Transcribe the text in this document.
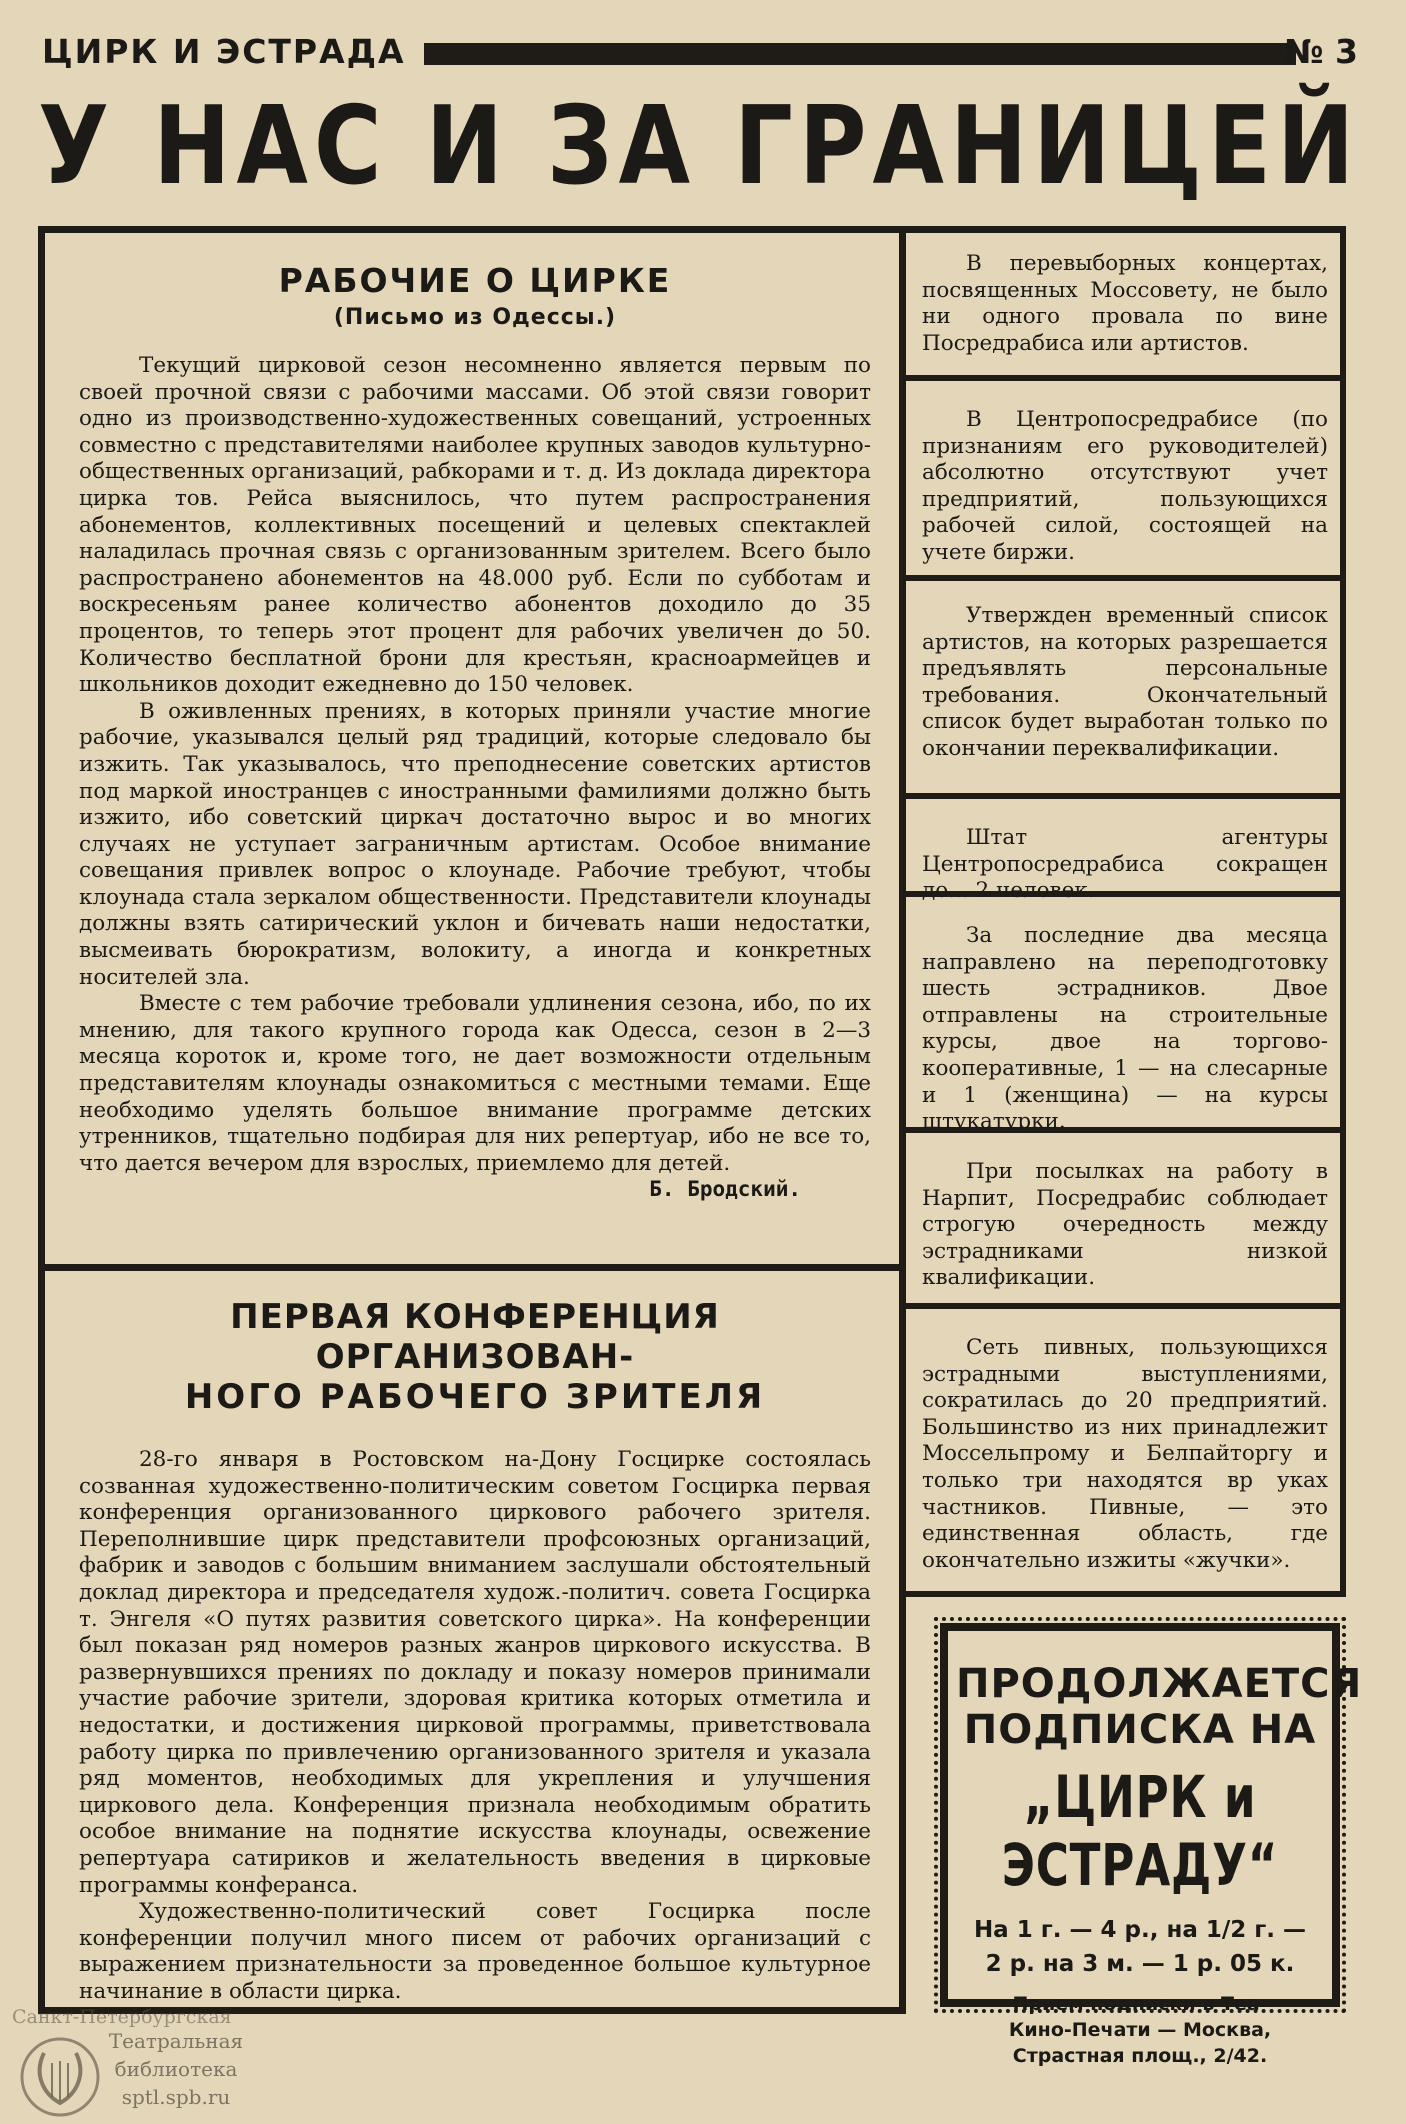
ЦИРК И ЭСТРАДА	№ 3
У НАС И ЗА ГРАНИЦЕЙ
РАБОЧИЕ О ЦИРКЕ
(Письмо из Одессы.)

Текущий цирковой сезон несомненно является первым по своей прочной связи с рабочими массами. Об этой связи говорит одно из производственно-художественных совещаний, устроенных совместно с представителями наиболее крупных заводов культурно-общественных организаций, рабкорами и т. д. Из доклада директора цирка тов. Рейса выяснилось, что путем распространения абонементов, коллективных посещений и целевых спектаклей наладилась прочная связь с организованным зрителем. Всего было распространено абонементов на 48.000 руб. Если по субботам и воскресеньям ранее количество абонентов доходило до 35 процентов, то теперь этот процент для рабочих увеличен до 50. Количество бесплатной брони для крестьян, красноармейцев и школьников доходит ежедневно до 150 человек.

В оживленных прениях, в которых приняли участие многие рабочие, указывался целый ряд традиций, которые следовало бы изжить. Так указывалось, что преподнесение советских артистов под маркой иностранцев с иностранными фамилиями должно быть изжито, ибо советский циркач достаточно вырос и во многих случаях не уступает заграничным артистам. Особое внимание совещания привлек вопрос о клоунаде. Рабочие требуют, чтобы клоунада стала зеркалом общественности. Представители клоунады должны взять сатирический уклон и бичевать наши недостатки, высмеивать бюрократизм, волокиту, а иногда и конкретных носителей зла.

Вместе с тем рабочие требовали удлинения сезона, ибо, по их мнению, для такого крупного города как Одесса, сезон в 2—3 месяца короток и, кроме того, не дает возможности отдельным представителям клоунады ознакомиться с местными темами. Еще необходимо уделять большое внимание программе детских утренников, тщательно подбирая для них репертуар, ибо не все то, что дается вечером для взрослых, приемлемо для детей.

Б. Бродский.
ПЕРВАЯ КОНФЕРЕНЦИЯ ОРГАНИЗОВАН-
НОГО РАБОЧЕГО ЗРИТЕЛЯ

28-го января в Ростовском на-Дону Госцирке состоялась созванная художественно-политическим советом Госцирка первая конференция организованного циркового рабочего зрителя. Переполнившие цирк представители профсоюзных организаций, фабрик и заводов с большим вниманием заслушали обстоятельный доклад директора и председателя худож.-политич. совета Госцирка т. Энгеля «О путях развития советского цирка». На конференции был показан ряд номеров разных жанров циркового искусства. В развернувшихся прениях по докладу и показу номеров принимали участие рабочие зрители, здоровая критика которых отметила и недостатки, и достижения цирковой программы, приветствовала работу цирка по привлечению организованного зрителя и указала ряд моментов, необходимых для укрепления и улучшения циркового дела. Конференция признала необходимым обратить особое внимание на поднятие искусства клоунады, освежение репертуара сатириков и желательность введения в цирковые программы конферанса.

Художественно-политический совет Госцирка после конференции получил много писем от рабочих организаций с выражением признательности за проведенное большое культурное начинание в области цирка.

В перевыборных концертах, посвященных Моссовету, не было ни одного провала по вине Посредрабиса или артистов.

В Центропосредрабисе (по признаниям его руководителей) абсолютно отсутствуют учет предприятий, пользующихся рабочей силой, состоящей на учете биржи.

Утвержден временный список артистов, на которых разрешается предъявлять персональные требования. Окончательный список будет выработан только по окончании переквалификации.

Штат агентуры Центропосредрабиса сокращен до... 2 человек.

За последние два месяца направлено на переподготовку шесть эстрадников. Двое отправлены на строительные курсы, двое на торгово-кооперативные, 1 — на слесарные и 1 (женщина) — на курсы штукатурки.

При посылках на работу в Нарпит, Посредрабис соблюдает строгую очередность между эстрадниками низкой квалификации.

Сеть пивных, пользующихся эстрадными выступлениями, сократилась до 20 предприятий. Большинство из них принадлежит Моссельпрому и Белпайторгу и только три находятся вр уках частников. Пивные, — это единственная область, где окончательно изжиты «жучки».

ПРОДОЛЖАЕТСЯ ПОДПИСКА НА
„ЦИРК и ЭСТРАДУ“
На 1 г. — 4 р., на 1/2 г. —
2 р. на 3 м. — 1 р. 05 к.
Прием подписки в Теа-
Кино-Печати — Москва,
Страстная площ., 2/42.
Санкт-Петербургская
Театральная
библиотека
sptl.spb.ru
